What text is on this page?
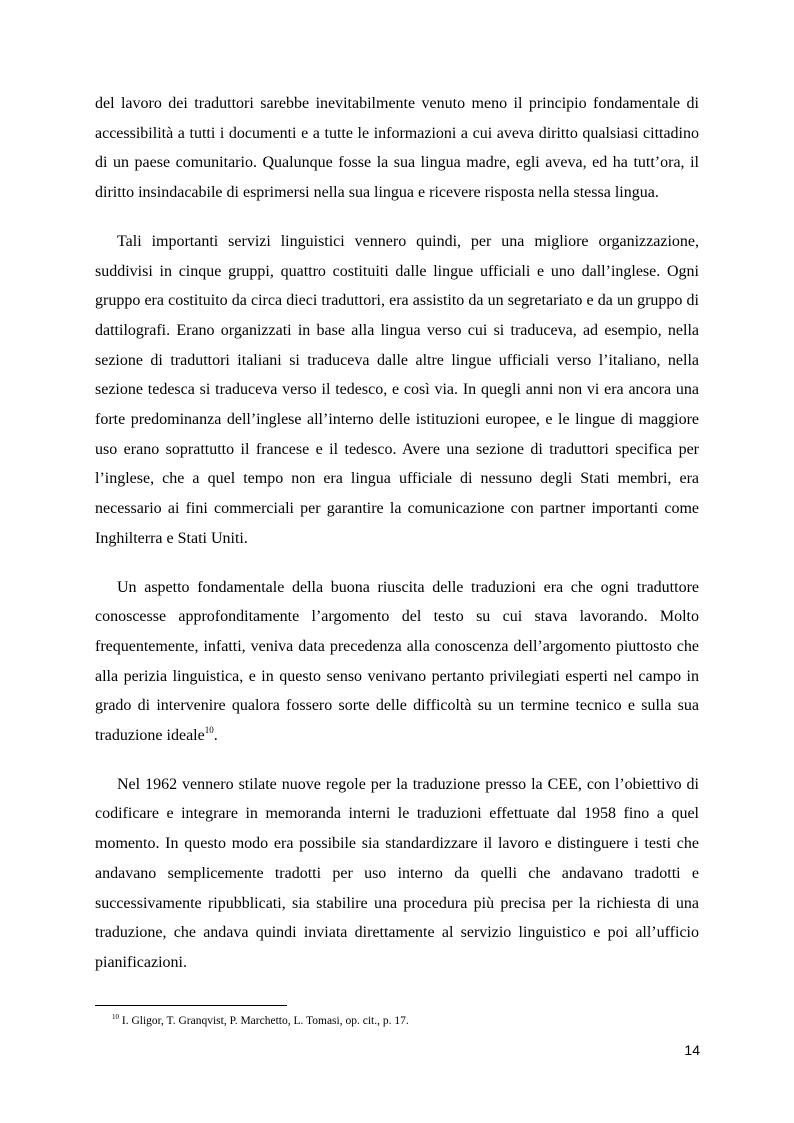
del lavoro dei traduttori sarebbe inevitabilmente venuto meno il principio fondamentale di accessibilità a tutti i documenti e a tutte le informazioni a cui aveva diritto qualsiasi cittadino di un paese comunitario. Qualunque fosse la sua lingua madre, egli aveva, ed ha tutt’ora, il diritto insindacabile di esprimersi nella sua lingua e ricevere risposta nella stessa lingua.

Tali importanti servizi linguistici vennero quindi, per una migliore organizzazione, suddivisi in cinque gruppi, quattro costituiti dalle lingue ufficiali e uno dall’inglese. Ogni gruppo era costituito da circa dieci traduttori, era assistito da un segretariato e da un gruppo di dattilografi. Erano organizzati in base alla lingua verso cui si traduceva, ad esempio, nella sezione di traduttori italiani si traduceva dalle altre lingue ufficiali verso l’italiano, nella sezione tedesca si traduceva verso il tedesco, e così via. In quegli anni non vi era ancora una forte predominanza dell’inglese all’interno delle istituzioni europee, e le lingue di maggiore uso erano soprattutto il francese e il tedesco. Avere una sezione di traduttori specifica per l’inglese, che a quel tempo non era lingua ufficiale di nessuno degli Stati membri, era necessario ai fini commerciali per garantire la comunicazione con partner importanti come Inghilterra e Stati Uniti.

Un aspetto fondamentale della buona riuscita delle traduzioni era che ogni traduttore conoscesse approfonditamente l’argomento del testo su cui stava lavorando. Molto frequentemente, infatti, veniva data precedenza alla conoscenza dell’argomento piuttosto che alla perizia linguistica, e in questo senso venivano pertanto privilegiati esperti nel campo in grado di intervenire qualora fossero sorte delle difficoltà su un termine tecnico e sulla sua traduzione ideale$^{10}$.

Nel 1962 vennero stilate nuove regole per la traduzione presso la CEE, con l’obiettivo di codificare e integrare in memoranda interni le traduzioni effettuate dal 1958 fino a quel momento. In questo modo era possibile sia standardizzare il lavoro e distinguere i testi che andavano semplicemente tradotti per uso interno da quelli che andavano tradotti e successivamente ripubblicati, sia stabilire una procedura più precisa per la richiesta di una traduzione, che andava quindi inviata direttamente al servizio linguistico e poi all’ufficio pianificazioni.

$^{10}$ I. Gligor, T. Granqvist, P. Marchetto, L. Tomasi, op. cit., p. 17.
14
